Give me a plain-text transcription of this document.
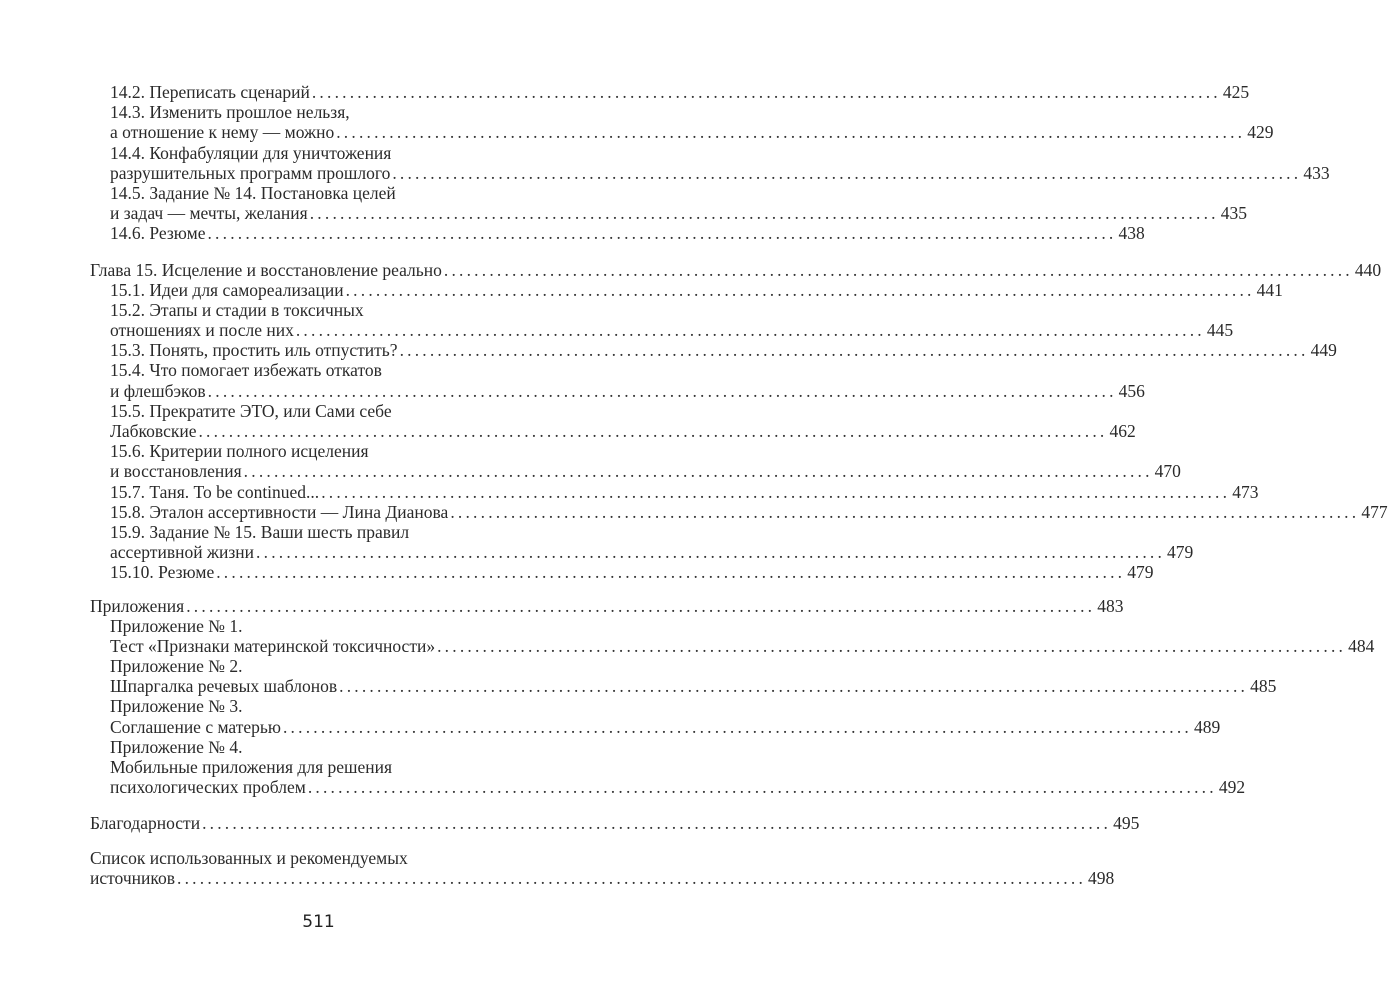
14.2. Переписать сценарий ........................................................................................................................ 425
14.3. Изменить прошлое нельзя,
а отношение к нему — можно ........................................................................................................................ 429
14.4. Конфабуляции для уничтожения
разрушительных программ прошлого ........................................................................................................................ 433
14.5. Задание № 14. Постановка целей
и задач — мечты, желания ........................................................................................................................ 435
14.6. Резюме ........................................................................................................................ 438
Глава 15. Исцеление и восстановление реально ........................................................................................................................ 440
15.1. Идеи для самореализации ........................................................................................................................ 441
15.2. Этапы и стадии в токсичных
отношениях и после них ........................................................................................................................ 445
15.3. Понять, простить иль отпустить? ........................................................................................................................ 449
15.4. Что помогает избежать откатов
и флешбэков ........................................................................................................................ 456
15.5. Прекратите ЭТО, или Сами себе
Лабковские ........................................................................................................................ 462
15.6. Критерии полного исцеления
и восстановления ........................................................................................................................ 470
15.7. Таня. To be continued... ........................................................................................................................ 473
15.8. Эталон ассертивности — Лина Дианова ........................................................................................................................ 477
15.9. Задание № 15. Ваши шесть правил
ассертивной жизни ........................................................................................................................ 479
15.10. Резюме ........................................................................................................................ 479
Приложения ........................................................................................................................ 483
Приложение № 1.
Тест «Признаки материнской токсичности» ........................................................................................................................ 484
Приложение № 2.
Шпаргалка речевых шаблонов ........................................................................................................................ 485
Приложение № 3.
Соглашение с матерью ........................................................................................................................ 489
Приложение № 4.
Мобильные приложения для решения
психологических проблем ........................................................................................................................ 492
Благодарности ........................................................................................................................ 495
Список использованных и рекомендуемых
источников ........................................................................................................................ 498
511
